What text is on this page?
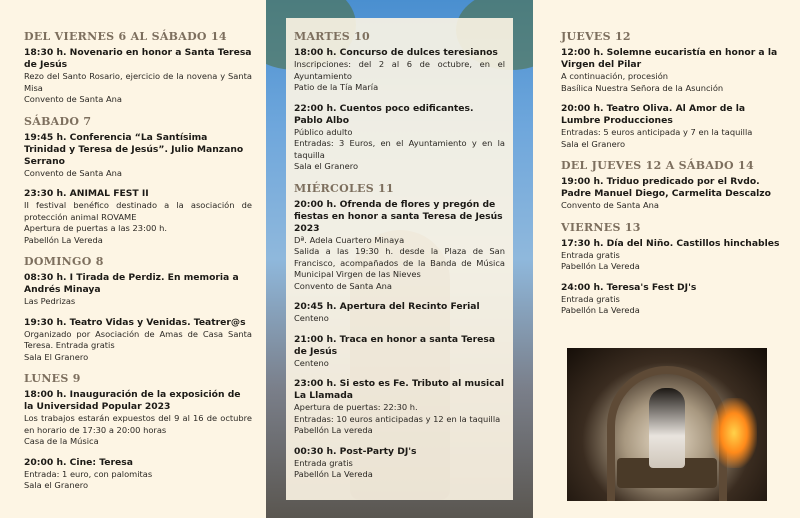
DEL VIERNES 6 AL SÁBADO 14

18:30 h. Novenario en honor a Santa Teresa de Jesús

Rezo del Santo Rosario, ejercicio de la novena y Santa Misa

Convento de Santa Ana

SÁBADO 7

19:45 h. Conferencia “La Santísima Trinidad y Teresa de Jesús”. Julio Manzano Serrano

Convento de Santa Ana

23:30 h. ANIMAL FEST II

II festival benéfico destinado a la asociación de protección animal ROVAME

Apertura de puertas a las 23:00 h.

Pabellón La Vereda

DOMINGO 8

08:30 h. I Tirada de Perdiz. En memoria a Andrés Minaya

Las Pedrizas

19:30 h. Teatro Vidas y Venidas. Teatrer@s

Organizado por Asociación de Amas de Casa Santa Teresa. Entrada gratis

Sala El Granero

LUNES 9

18:00 h. Inauguración de la exposición de la Universidad Popular 2023

Los trabajos estarán expuestos del 9 al 16 de octubre en horario de 17:30 a 20:00 horas

Casa de la Música

20:00 h. Cine: Teresa

Entrada: 1 euro, con palomitas

Sala el Granero

MARTES 10

18:00 h. Concurso de dulces teresianos

Inscripciones: del 2 al 6 de octubre, en el Ayuntamiento

Patio de la Tía María

22:00 h. Cuentos poco edificantes. Pablo Albo

Público adulto

Entradas: 3 Euros, en el Ayuntamiento y en la taquilla

Sala el Granero

MIÉRCOLES 11

20:00 h. Ofrenda de flores y pregón de fiestas en honor a santa Teresa de Jesús 2023

Dª. Adela Cuartero Minaya

Salida a las 19:30 h. desde la Plaza de San Francisco, acompañados de la Banda de Música Municipal Virgen de las Nieves

Convento de Santa Ana

20:45 h. Apertura del Recinto Ferial

Centeno

21:00 h. Traca en honor a santa Teresa de Jesús

Centeno

23:00 h. Si esto es Fe. Tributo al musical La Llamada

Apertura de puertas: 22:30 h.

Entradas: 10 euros anticipadas y 12 en la taquilla

Pabellón La vereda

00:30 h. Post-Party DJ's

Entrada gratis

Pabellón La Vereda

JUEVES 12

12:00 h. Solemne eucaristía en honor a la Virgen del Pilar

A continuación, procesión

Basílica Nuestra Señora de la Asunción

20:00 h. Teatro Oliva. Al Amor de la Lumbre Producciones

Entradas: 5 euros anticipada y 7 en la taquilla

Sala el Granero

DEL JUEVES 12 A SÁBADO 14

19:00 h. Triduo predicado por el Rvdo. Padre Manuel Diego, Carmelita Descalzo

Convento de Santa Ana

VIERNES 13

17:30 h. Día del Niño. Castillos hinchables

Entrada gratis

Pabellón La Vereda

24:00 h. Teresa's Fest DJ's

Entrada gratis

Pabellón La Vereda
